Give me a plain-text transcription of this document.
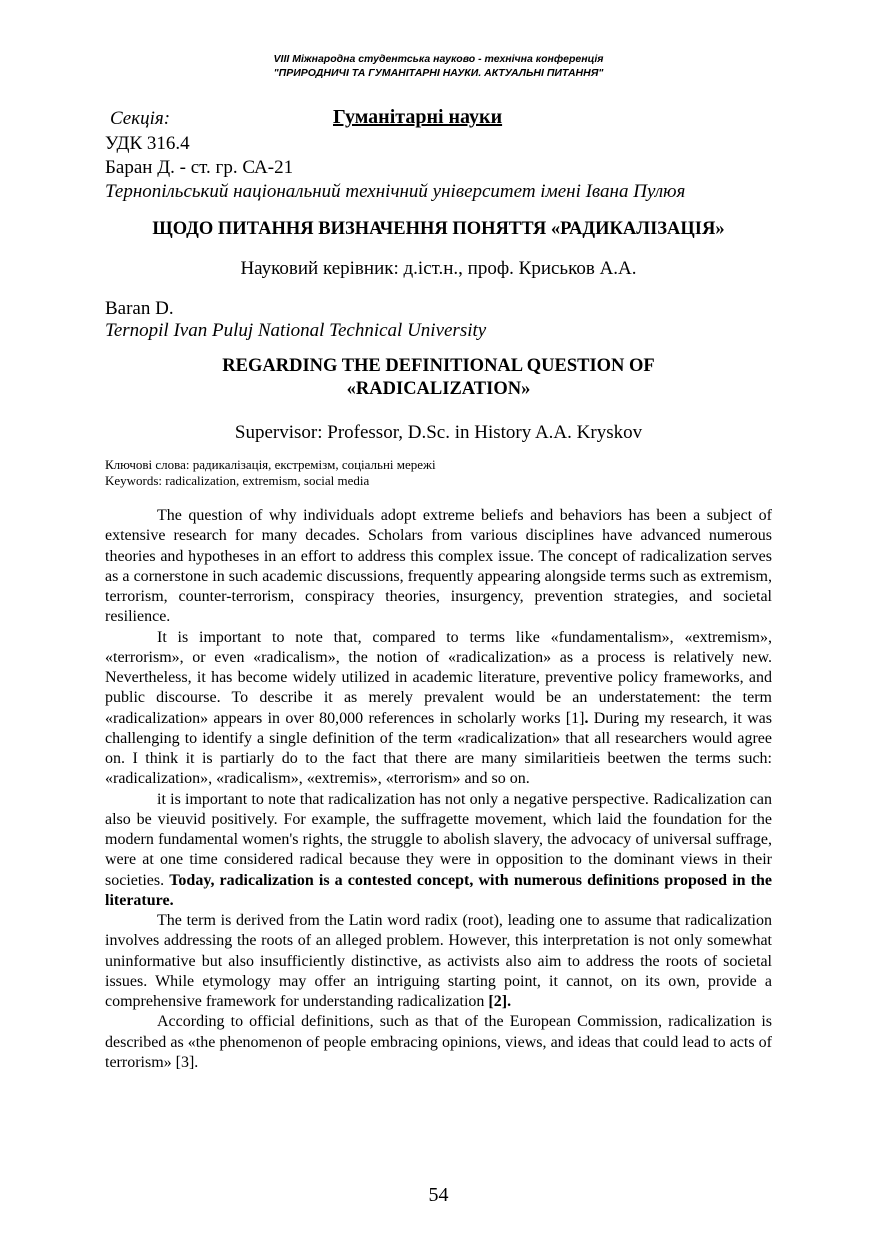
VIII Міжнародна студентська науково - технічна конференція
"ПРИРОДНИЧІ ТА ГУМАНІТАРНІ НАУКИ. АКТУАЛЬНІ ПИТАННЯ"
Секція:	Гуманітарні науки
УДК 316.4
Баран Д. - ст. гр. СА-21
Тернопільський національний технічний університет імені Івана Пулюя
ЩОДО ПИТАННЯ ВИЗНАЧЕННЯ ПОНЯТТЯ «РАДИКАЛІЗАЦІЯ»
Науковий керівник: д.іст.н., проф. Криськов А.А.
Baran D.
Ternopil Ivan Puluj National Technical University
REGARDING THE DEFINITIONAL QUESTION OF
«RADICALIZATION»
Supervisor: Professor, D.Sc. in History A.A. Kryskov
Ключові слова: радикалізація, екстремізм, соціальні мережі
Keywords: radicalization, extremism, social media

The question of why individuals adopt extreme beliefs and behaviors has been a subject of extensive research for many decades. Scholars from various disciplines have advanced numerous theories and hypotheses in an effort to address this complex issue. The concept of radicalization serves as a cornerstone in such academic discussions, frequently appearing alongside terms such as extremism, terrorism, counter-terrorism, conspiracy theories, insurgency, prevention strategies, and societal resilience.

It is important to note that, compared to terms like «fundamentalism», «extremism», «terrorism», or even «radicalism», the notion of «radicalization» as a process is relatively new. Nevertheless, it has become widely utilized in academic literature, preventive policy frameworks, and public discourse. To describe it as merely prevalent would be an understatement: the term «radicalization» appears in over 80,000 references in scholarly works [1]. During my research, it was challenging to identify a single definition of the term «radicalization» that all researchers would agree on. I think it is partiarly do to the fact that there are many similaritieis beetwen the terms such: «radicalization», «radicalism», «extremis», «terrorism» and so on.

it is important to note that radicalization has not only a negative perspective. Radicalization can also be vieuvid positively. For example, the suffragette movement, which laid the foundation for the modern fundamental women's rights, the struggle to abolish slavery, the advocacy of universal suffrage, were at one time considered radical because they were in opposition to the dominant views in their societies. Today, radicalization is a contested concept, with numerous definitions proposed in the literature.

The term is derived from the Latin word radix (root), leading one to assume that radicalization involves addressing the roots of an alleged problem. However, this interpretation is not only somewhat uninformative but also insufficiently distinctive, as activists also aim to address the roots of societal issues. While etymology may offer an intriguing starting point, it cannot, on its own, provide a comprehensive framework for understanding radicalization [2].

According to official definitions, such as that of the European Commission, radicalization is described as «the phenomenon of people embracing opinions, views, and ideas that could lead to acts of terrorism» [3].

54
